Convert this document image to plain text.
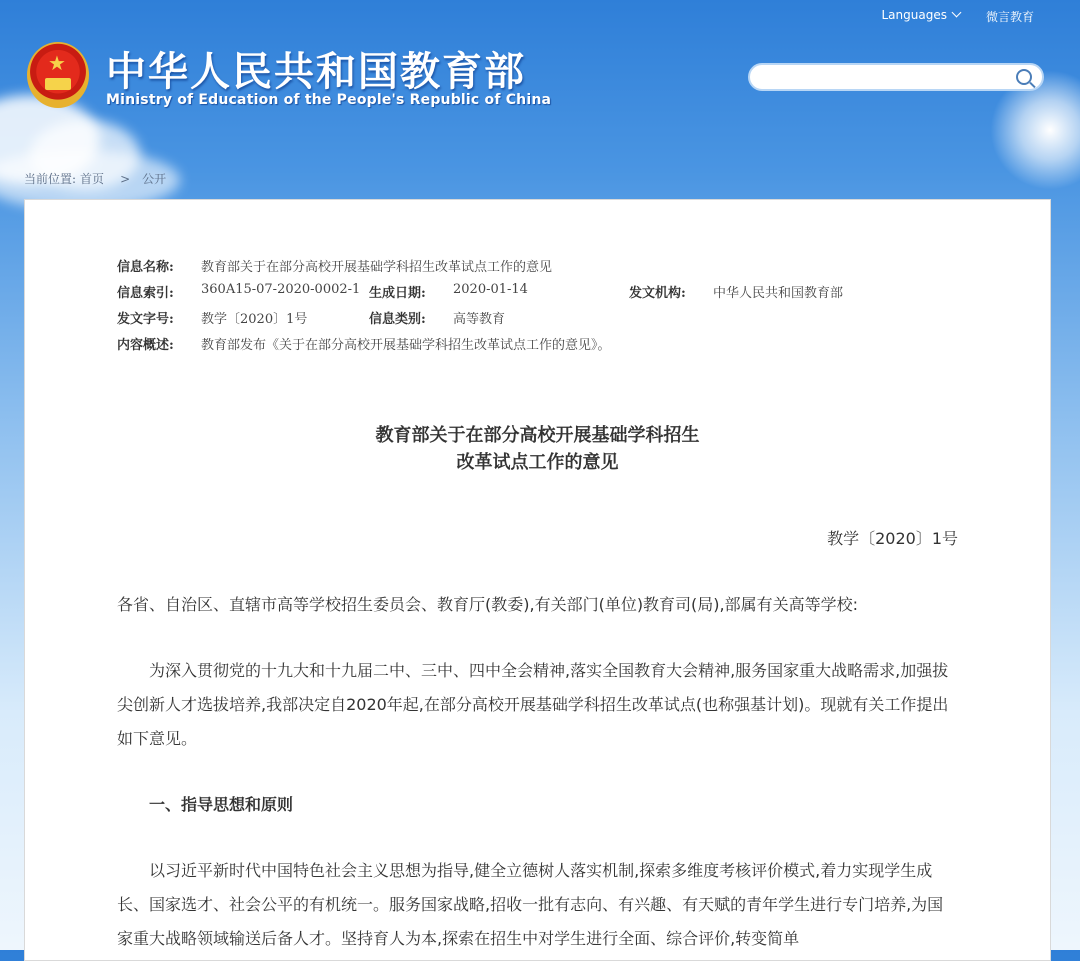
Languages	微言教育
★ 中华人民共和国教育部
Ministry of Education of the People's Republic of China
当前位置: 首页 > 公开
信息名称: 教育部关于在部分高校开展基础学科招生改革试点工作的意见
信息索引: 360A15-07-2020-0002-1 生成日期: 2020-01-14	发文机构: 中华人民共和国教育部
发文字号: 教学〔2020〕1号	信息类别: 高等教育
内容概述: 教育部发布《关于在部分高校开展基础学科招生改革试点工作的意见》。
教育部关于在部分高校开展基础学科招生
改革试点工作的意见
教学〔2020〕1号
各省、自治区、直辖市高等学校招生委员会、教育厅(教委),有关部门(单位)教育司(局),部属有关高等学校:
为深入贯彻党的十九大和十九届二中、三中、四中全会精神,落实全国教育大会精神,服务国家重大战略需求,加强拔尖创新人才选拔培养,我部决定自2020年起,在部分高校开展基础学科招生改革试点(也称强基计划)。现就有关工作提出如下意见。
一、指导思想和原则
以习近平新时代中国特色社会主义思想为指导,健全立德树人落实机制,探索多维度考核评价模式,着力实现学生成长、国家选才、社会公平的有机统一。服务国家战略,招收一批有志向、有兴趣、有天赋的青年学生进行专门培养,为国家重大战略领域输送后备人才。坚持育人为本,探索在招生中对学生进行全面、综合评价,转变简单
